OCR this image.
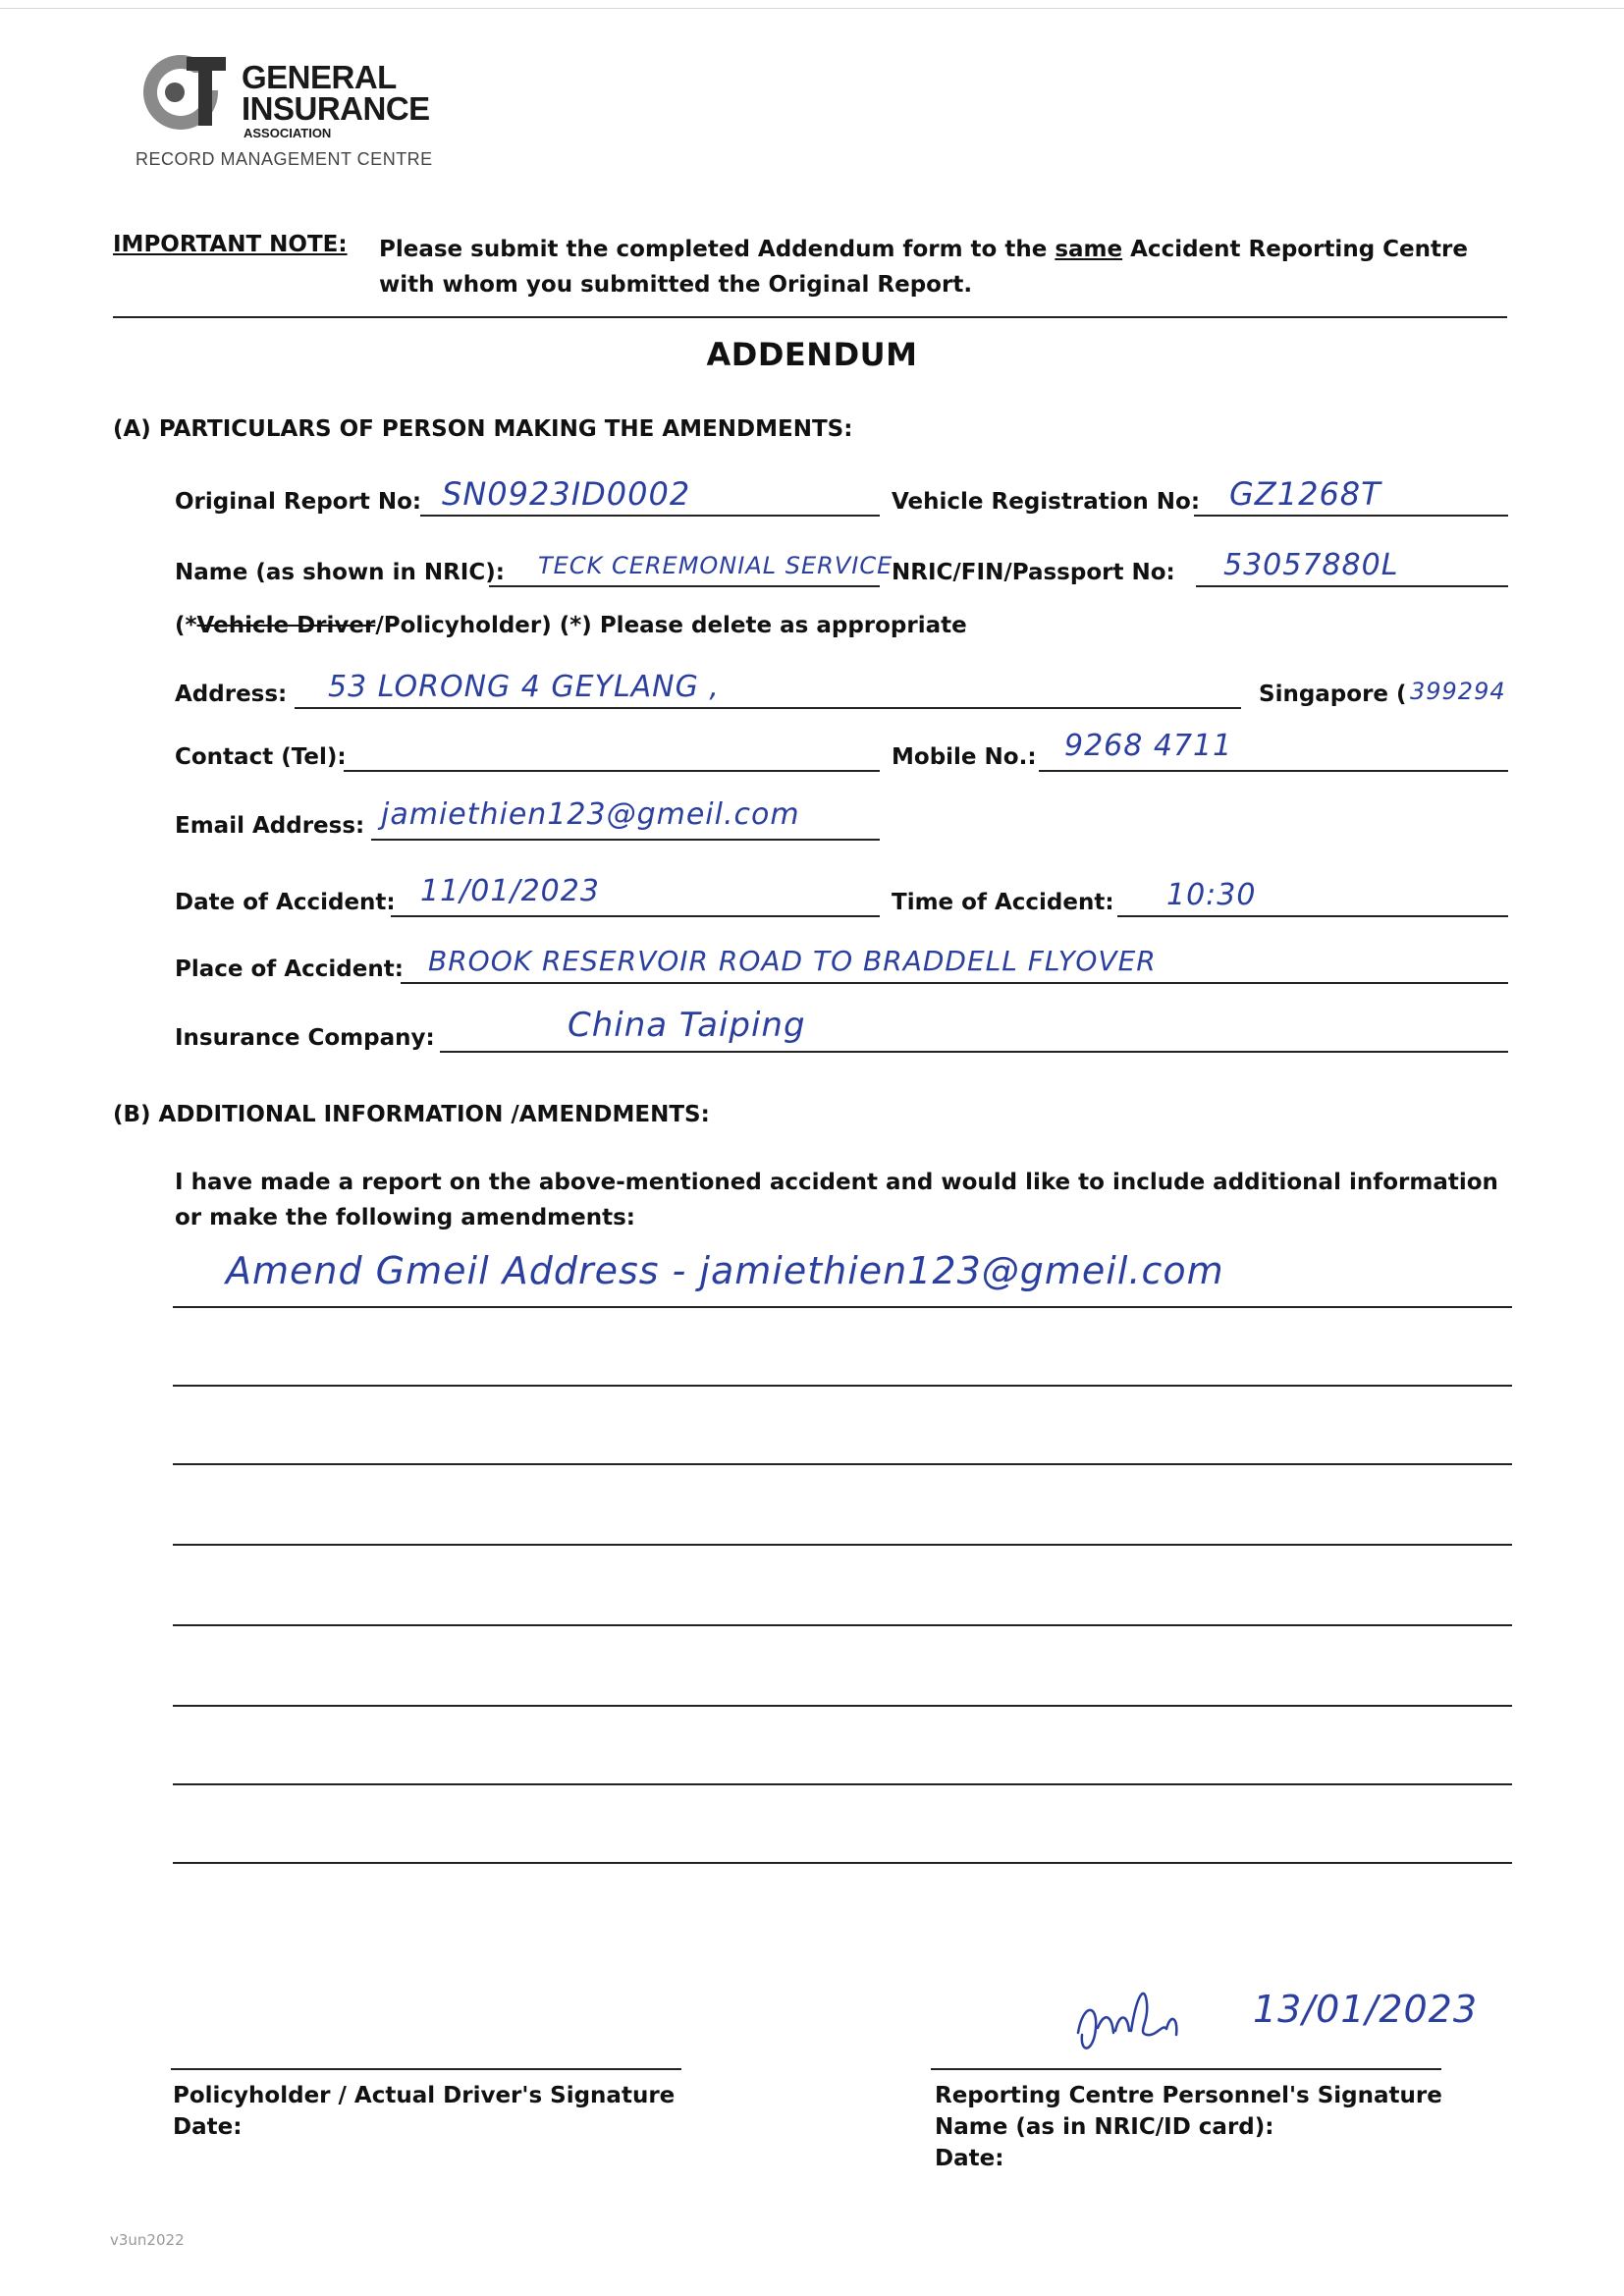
GENERAL
INSURANCE
ASSOCIATION
RECORD MANAGEMENT CENTRE
IMPORTANT NOTE: Please submit the completed Addendum form to the same Accident Reporting Centre with whom you submitted the Original Report.
ADDENDUM
(A) PARTICULARS OF PERSON MAKING THE AMENDMENTS:
Original Report No: SN0923ID0002	Vehicle Registration No: GZ1268T
Name (as shown in NRIC): TECK CEREMONIAL SERVICE
NRIC/FIN/Passport No: 53057880L
(*Vehicle Driver/Policyholder) (*) Please delete as appropriate
Address: 53 LORONG 4 GEYLANG ,	Singapore ( 399294
Contact (Tel):	Mobile No.: 9268 4711
Email Address: jamiethien123@gmeil.com
Date of Accident: 11/01/2023	Time of Accident: 10:30
Place of Accident: BROOK RESERVOIR ROAD TO BRADDELL FLYOVER
Insurance Company:	China Taiping
(B) ADDITIONAL INFORMATION /AMENDMENTS:
I have made a report on the above-mentioned accident and would like to include additional information or make the following amendments:
Amend Gmeil Address - jamiethien123@gmeil.com
Policyholder / Actual Driver's Signature
Date:
13/01/2023
Reporting Centre Personnel's Signature
Name (as in NRIC/ID card):
Date:
v3un2022
